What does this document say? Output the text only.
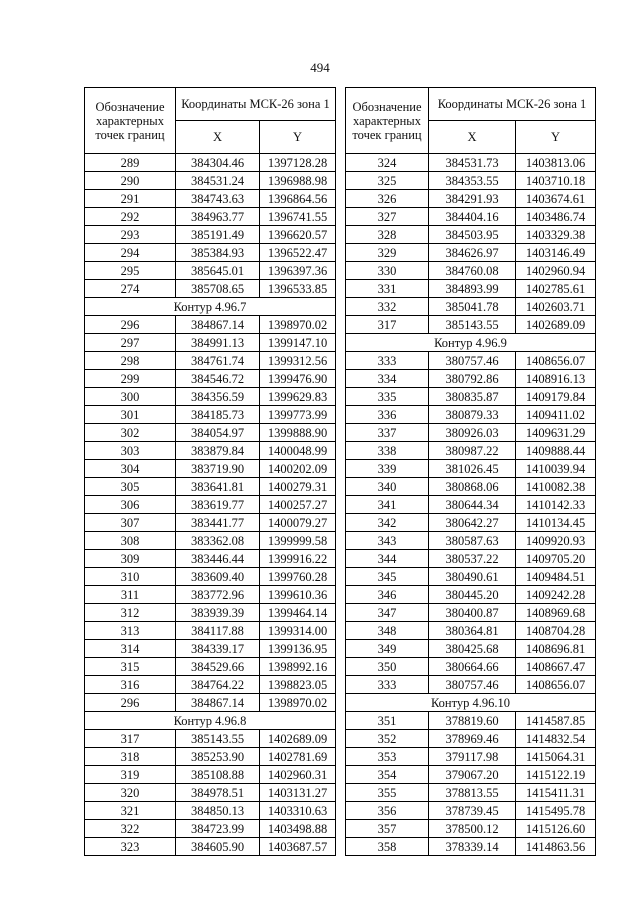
494
Обозначение характерных точек границ	Координаты МСК-26 зона 1	
	X	Y
289	384304.46	1397128.28
290	384531.24	1396988.98
291	384743.63	1396864.56
292	384963.77	1396741.55
293	385191.49	1396620.57
294	385384.93	1396522.47
295	385645.01	1396397.36
274	385708.65	1396533.85
Контур 4.96.7		
296	384867.14	1398970.02
297	384991.13	1399147.10
298	384761.74	1399312.56
299	384546.72	1399476.90
300	384356.59	1399629.83
301	384185.73	1399773.99
302	384054.97	1399888.90
303	383879.84	1400048.99
304	383719.90	1400202.09
305	383641.81	1400279.31
306	383619.77	1400257.27
307	383441.77	1400079.27
308	383362.08	1399999.58
309	383446.44	1399916.22
310	383609.40	1399760.28
311	383772.96	1399610.36
312	383939.39	1399464.14
313	384117.88	1399314.00
314	384339.17	1399136.95
315	384529.66	1398992.16
316	384764.22	1398823.05
296	384867.14	1398970.02
Контур 4.96.8		
317	385143.55	1402689.09
318	385253.90	1402781.69
319	385108.88	1402960.31
320	384978.51	1403131.27
321	384850.13	1403310.63
322	384723.99	1403498.88
323	384605.90	1403687.57
Обозначение характерных точек границ	Координаты МСК-26 зона 1	
	X	Y
324	384531.73	1403813.06
325	384353.55	1403710.18
326	384291.93	1403674.61
327	384404.16	1403486.74
328	384503.95	1403329.38
329	384626.97	1403146.49
330	384760.08	1402960.94
331	384893.99	1402785.61
332	385041.78	1402603.71
317	385143.55	1402689.09
Контур 4.96.9		
333	380757.46	1408656.07
334	380792.86	1408916.13
335	380835.87	1409179.84
336	380879.33	1409411.02
337	380926.03	1409631.29
338	380987.22	1409888.44
339	381026.45	1410039.94
340	380868.06	1410082.38
341	380644.34	1410142.33
342	380642.27	1410134.45
343	380587.63	1409920.93
344	380537.22	1409705.20
345	380490.61	1409484.51
346	380445.20	1409242.28
347	380400.87	1408969.68
348	380364.81	1408704.28
349	380425.68	1408696.81
350	380664.66	1408667.47
333	380757.46	1408656.07
Контур 4.96.10		
351	378819.60	1414587.85
352	378969.46	1414832.54
353	379117.98	1415064.31
354	379067.20	1415122.19
355	378813.55	1415411.31
356	378739.45	1415495.78
357	378500.12	1415126.60
358	378339.14	1414863.56
